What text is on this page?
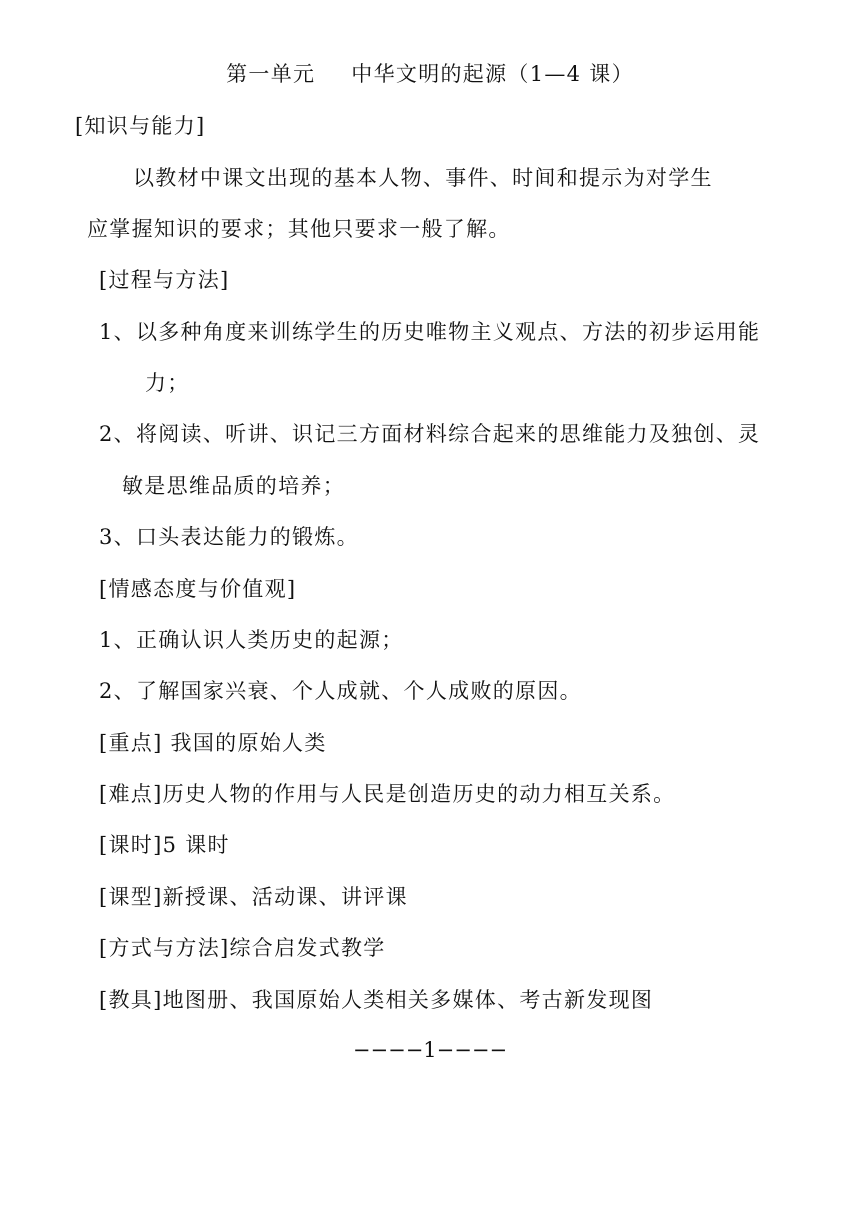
第一单元 中华文明的起源（1—4 课）
[知识与能力]
以教材中课文出现的基本人物、事件、时间和提示为对学生
应掌握知识的要求；其他只要求一般了解。
[过程与方法]
1、以多种角度来训练学生的历史唯物主义观点、方法的初步运用能
力；
2、将阅读、听讲、识记三方面材料综合起来的思维能力及独创、灵
敏是思维品质的培养；
3、口头表达能力的锻炼。
[情感态度与价值观]
1、正确认识人类历史的起源；
2、了解国家兴衰、个人成就、个人成败的原因。
[重点] 我国的原始人类
[难点]历史人物的作用与人民是创造历史的动力相互关系。
[课时]5 课时
[课型]新授课、活动课、讲评课
[方式与方法]综合启发式教学
[教具]地图册、我国原始人类相关多媒体、考古新发现图
−−−−1−−−−
